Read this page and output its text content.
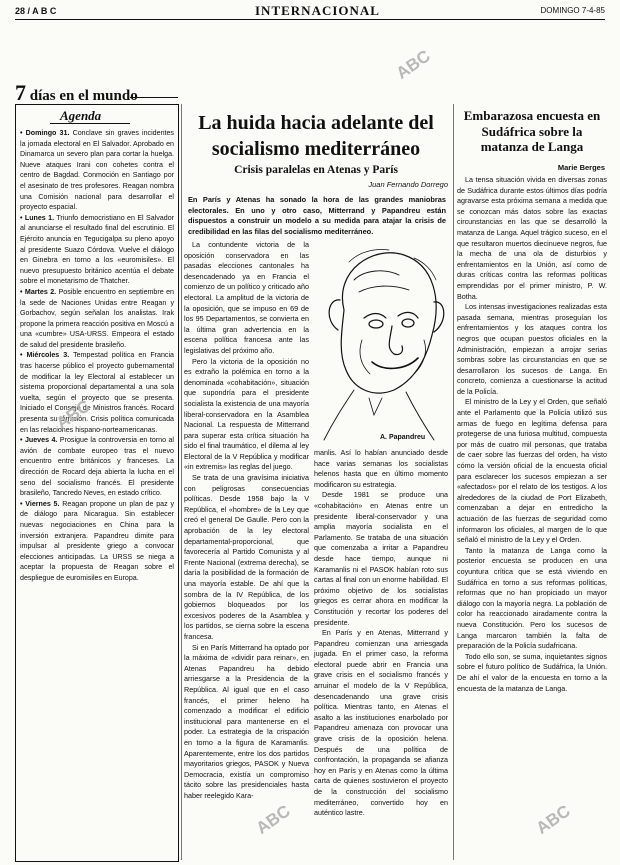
28 / A B C	INTERNACIONAL	DOMINGO 7-4-85
7 días en el mundo
Agenda

• Domingo 31. Conclave sin graves incidentes la jornada electoral en El Salvador. Aprobado en Dinamarca un severo plan para cortar la huelga. Nueve ataques Irani con cohetes contra el centro de Bagdad. Conmoción en Santiago por el asesinato de tres profesores. Reagan nombra una Comisión nacional para desarrollar el proyecto espacial.

• Lunes 1. Triunfo democristiano en El Salvador al anunciarse el resultado final del escrutinio. El Ejército anuncia en Tegucigalpa su pleno apoyo al presidente Suazo Córdova. Vuelve el diálogo en Ginebra en torno a los «euromisiles». El nuevo presupuesto británico acentúa el debate sobre el monetarismo de Thatcher.

• Martes 2. Posible encuentro en septiembre en la sede de Naciones Unidas entre Reagan y Gorbachov, según señalan los analistas. Irak propone la primera reacción positiva en Moscú a una «cumbre» USA-URSS. Empeora el estado de salud del presidente brasileño.

• Miércoles 3. Tempestad política en Francia tras hacerse público el proyecto gubernamental de modificar la ley Electoral al establecer un sistema proporcional departamental a una sola vuelta, según el proyecto que se presenta. Iniciado el Consejo de Ministros francés. Rocard presenta su dimisión. Crisis política comunicada en las relaciones hispano-norteamericanas.

• Jueves 4. Prosigue la controversia en torno al avión de combate europeo tras el nuevo encuentro entre británicos y franceses. La dirección de Rocard deja abierta la lucha en el seno del socialismo francés. El presidente brasileño, Tancredo Neves, en estado crítico.

• Viernes 5. Reagan propone un plan de paz y de diálogo para Nicaragua. Sin establecer nuevas negociaciones en China para la inversión extranjera. Papandreu dimite para impulsar al presidente griego a convocar elecciones anticipadas. La URSS se niega a aceptar la propuesta de Reagan sobre el despliegue de euromisiles en Europa.

La huida hacia adelante del socialismo mediterráneo
Crisis paralelas en Atenas y París
Juan Fernando Dorrego

En París y Atenas ha sonado la hora de las grandes maniobras electorales. En uno y otro caso, Mitterrand y Papandreu están dispuestos a construir un modelo a su medida para atajar la crisis de credibilidad en las filas del socialismo mediterráneo.

La contundente victoria de la oposición conservadora en las pasadas elecciones cantonales ha desencadenado ya en Francia el comienzo de un político y criticado año electoral. La amplitud de la victoria de la oposición, que se impuso en 69 de los 95 Departamentos, se convierta en la última gran advertencia en la escena política francesa ante las legislativas del próximo año.

Pero la victoria de la oposición no es extraño la polémica en torno a la denominada «cohabitación», situación que supondría para el presidente socialista la existencia de una mayoría liberal-conservadora en la Asamblea Nacional. La respuesta de Mitterrand para superar esta crítica situación ha sido el final traumático, el dilema al ley Electoral de la V República y modificar «in extremis» las reglas del juego.

Se trata de una gravísima iniciativa con peligrosas consecuencias políticas. Desde 1958 bajo la V República, el «hombre» de la Ley que creó el general De Gaulle. Pero con la aprobación de la ley electoral departamental-proporcional, que favorecería al Partido Comunista y al Frente Nacional (extrema derecha), se daría la posibilidad de la formación de una mayoría estable. De ahí que la sombra de la IV República, de los gobiernos bloqueados por los excesivos poderes de la Asamblea y los partidos, se cierna sobre la escena francesa.

Si en París Mitterrand ha optado por la máxima de «dividir para reinar», en Atenas Papandreu ha debido arriesgarse a la Presidencia de la República. Al igual que en el caso francés, el primer heleno ha comenzado a modificar el edificio institucional para mantenerse en el poder. La estrategia de la crispación en torno a la figura de Karamanlis. Aparentemente, entre los dos partidos mayoritarios griegos, PASOK y Nueva Democracia, existía un compromiso tácito sobre las presidenciales hasta haber reelegido Kara-

A. Papandreu

manlis. Así lo habían anunciado desde hace varias semanas los socialistas helenos hasta que en último momento modificaron su estrategia.

Desde 1981 se produce una «cohabitación» en Atenas entre un presidente liberal-conservador y una amplia mayoría socialista en el Parlamento. Se trataba de una situación que comenzaba a irritar a Papandreu desde hace tiempo, aunque ni Karamanlis ni el PASOK habían roto sus cartas al final con un enorme habilidad. El próximo objetivo de los socialistas griegos es cerrar ahora en modificar la Constitución y recortar los poderes del presidente.

En París y en Atenas, Mitterrand y Papandreu comienzan una arriesgada jugada. En el primer caso, la reforma electoral puede abrir en Francia una grave crisis en el socialismo francés y arruinar el modelo de la V República, desencadenando una grave crisis política. Mientras tanto, en Atenas el asalto a las instituciones enarbolado por Papandreu amenaza con provocar una grave crisis de la oposición helena. Después de una política de confrontación, la propaganda se afianza hoy en París y en Atenas como la última carta de quienes sostuvieron el proyecto de la construcción del socialismo mediterráneo, convertido hoy en auténtico lastre.

Embarazosa encuesta en Sudáfrica sobre la matanza de Langa
Marie Berges

La tensa situación vivida en diversas zonas de Sudáfrica durante estos últimos días podría agravarse esta próxima semana a medida que se conozcan más datos sobre las exactas circunstancias en las que se desarrolló la matanza de Langa. Aquel trágico suceso, en el que resultaron muertos diecinueve negros, fue la mecha de una ola de disturbios y enfrentamientos en la Unión, así como de duras críticas contra las reformas políticas emprendidas por el primer ministro, P. W. Botha.

Los intensas investigaciones realizadas esta pasada semana, mientras proseguían los enfrentamientos y los ataques contra los negros que ocupan puestos oficiales en la Administración, empiezan a arrojar serias sombras sobre las circunstancias en que se desarrollaron los sucesos de Langa. En concreto, comienza a cuestionarse la actitud de la Policía.

El ministro de la Ley y el Orden, que señaló ante el Parlamento que la Policía utilizó sus armas de fuego en legítima defensa para protegerse de una furiosa multitud, compuesta por más de cuatro mil personas, que trataba de caer sobre las fuerzas del orden, ha visto cómo la versión oficial de la encuesta oficial para esclarecer los sucesos empiezan a ser «afectados» por el relato de los testigos. A los alrededores de la ciudad de Port Elizabeth, comenzaban a dejar en entredicho la actuación de las fuerzas de seguridad como informaron los oficiales, al margen de lo que señaló el ministro de la Ley y el Orden.

Tanto la matanza de Langa como la posterior encuesta se producen en una coyuntura crítica que se está viviendo en Sudáfrica en torno a sus reformas políticas, reformas que no han propiciado un mayor diálogo con la mayoría negra. La población de color ha reaccionado airadamente contra la nueva Constitución. Pero los sucesos de Langa marcaron también la falta de preparación de la Policía sudafricana.

Todo ello son, se suma, inquietantes signos sobre el futuro político de Sudáfrica, la Unión. De ahí el valor de la encuesta en torno a la encuesta de la matanza de Langa.

ABC
ABC
ABC	ABC
